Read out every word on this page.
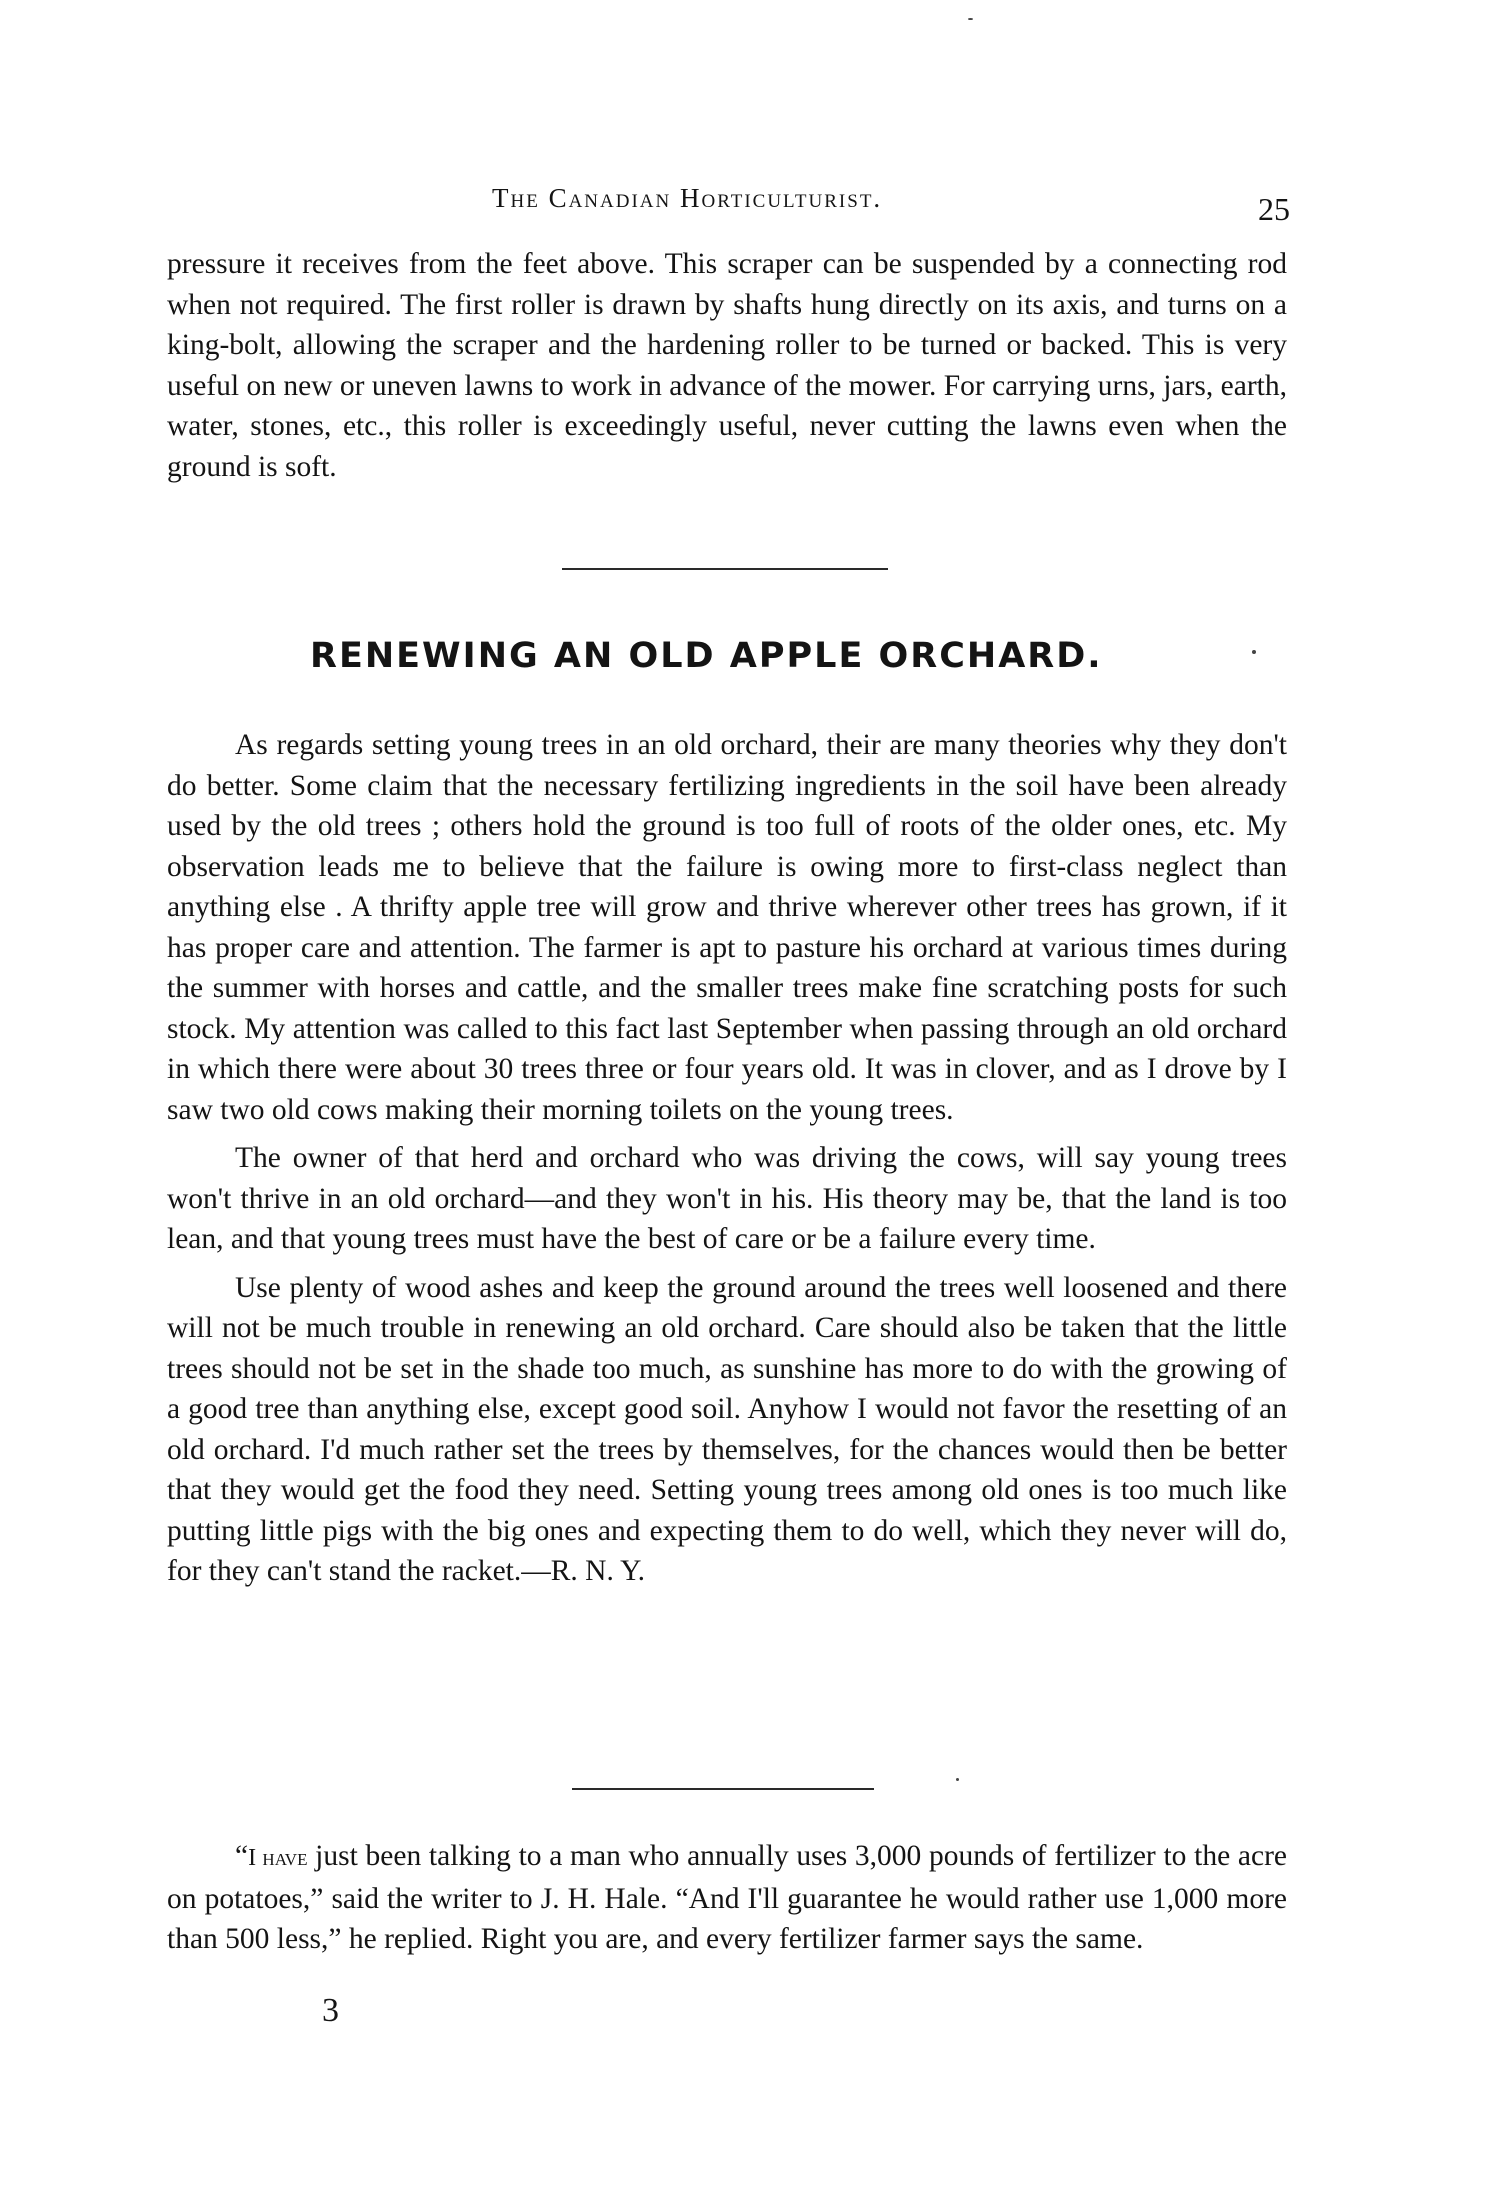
The Canadian Horticulturist.	25

pressure it receives from the feet above. This scraper can be suspended by a connecting rod when not required. The first roller is drawn by shafts hung directly on its axis, and turns on a king-bolt, allowing the scraper and the hardening roller to be turned or backed. This is very useful on new or uneven lawns to work in advance of the mower. For carrying urns, jars, earth, water, stones, etc., this roller is exceedingly useful, never cutting the lawns even when the ground is soft.

RENEWING AN OLD APPLE ORCHARD.

As regards setting young trees in an old orchard, their are many theories why they don't do better. Some claim that the necessary fertilizing ingredients in the soil have been already used by the old trees ; others hold the ground is too full of roots of the older ones, etc. My observation leads me to believe that the failure is owing more to first-class neglect than anything else . A thrifty apple tree will grow and thrive wherever other trees has grown, if it has proper care and attention. The farmer is apt to pasture his orchard at various times during the summer with horses and cattle, and the smaller trees make fine scratching posts for such stock. My attention was called to this fact last September when passing through an old orchard in which there were about 30 trees three or four years old. It was in clover, and as I drove by I saw two old cows making their morning toilets on the young trees.

The owner of that herd and orchard who was driving the cows, will say young trees won't thrive in an old orchard—and they won't in his. His theory may be, that the land is too lean, and that young trees must have the best of care or be a failure every time.

Use plenty of wood ashes and keep the ground around the trees well loosened and there will not be much trouble in renewing an old orchard. Care should also be taken that the little trees should not be set in the shade too much, as sunshine has more to do with the growing of a good tree than anything else, except good soil. Anyhow I would not favor the resetting of an old orchard. I'd much rather set the trees by themselves, for the chances would then be better that they would get the food they need. Setting young trees among old ones is too much like putting little pigs with the big ones and expecting them to do well, which they never will do, for they can't stand the racket.—R. N. Y.

“I have just been talking to a man who annually uses 3,000 pounds of fertilizer to the acre on potatoes,” said the writer to J. H. Hale. “And I'll guarantee he would rather use 1,000 more than 500 less,” he replied. Right you are, and every fertilizer farmer says the same.

3
